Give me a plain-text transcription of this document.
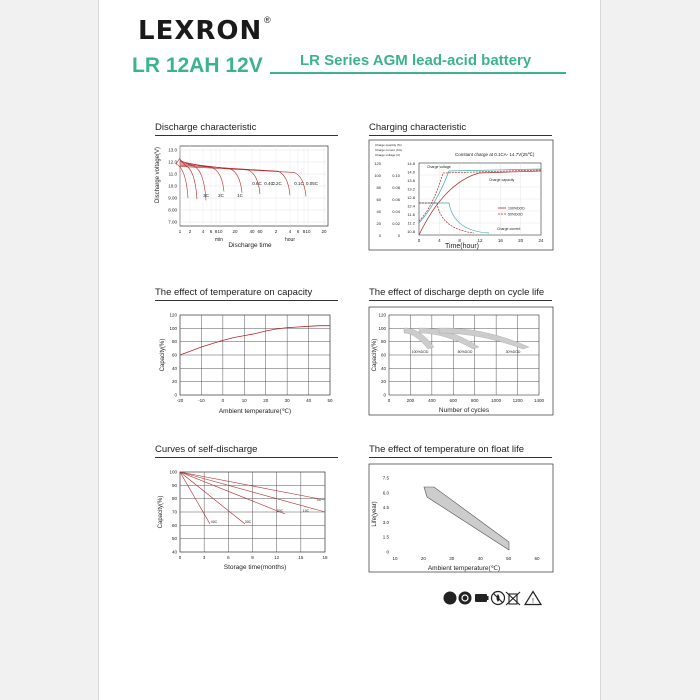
LEXRON ®
LR 12AH 12V LR Series AGM lead-acid battery
Discharge characteristic	Charging characteristic
The effect of temperature on capacity	The effect of discharge depth on cycle life
Curves of self-discharge	The effect of temperature on float life
13.0
12.0
11.0
10.0
9.00
8.00
7.00
1 2 4 6 8 10 20	40 60	2	4 6 8 10 20
3C 2C	1C
0.6C 0.4C
0.2C	0.1C 0.05C
Discharge voltage(V)
min	hour
Discharge time
120
100
80
60
40
20
0
0.10
0.08
0.06
0.04
0.02
0
14.8
14.0
13.6
13.2
12.8
12.4
11.6
11.2
10.8
0	4	8	12	16	20	24
Charge quantity (%)
Charge current (CA)
Charge voltage (V)	Constant charge at 0.1CA- 14.7V(25℃)
Charge voltage
Charge capacity
Charge current
100%DOD
50%DOD
Time(hour)
120
100
80
60
40
20
0
-20	-10	0	10	20	30	40	50
Capacity(%)
Ambient temperature(℃)
100%DOD	50%DOD	30%DOD
120
100
80
60
40
20
0
0	200	400	600	800	1000	1200	1400
Capacity(%)
Number of cycles
40C	30C
20C	10C
0C
100
90
80
70
60
50
40
0	3	6	9	12	15	18
Capacity(%)
Storage time(months)
7.5
6.0
4.5
3.0
1.5
0
10	20	30	40	50	60
Life(year)
Ambient temperature(℃)
♻	!
